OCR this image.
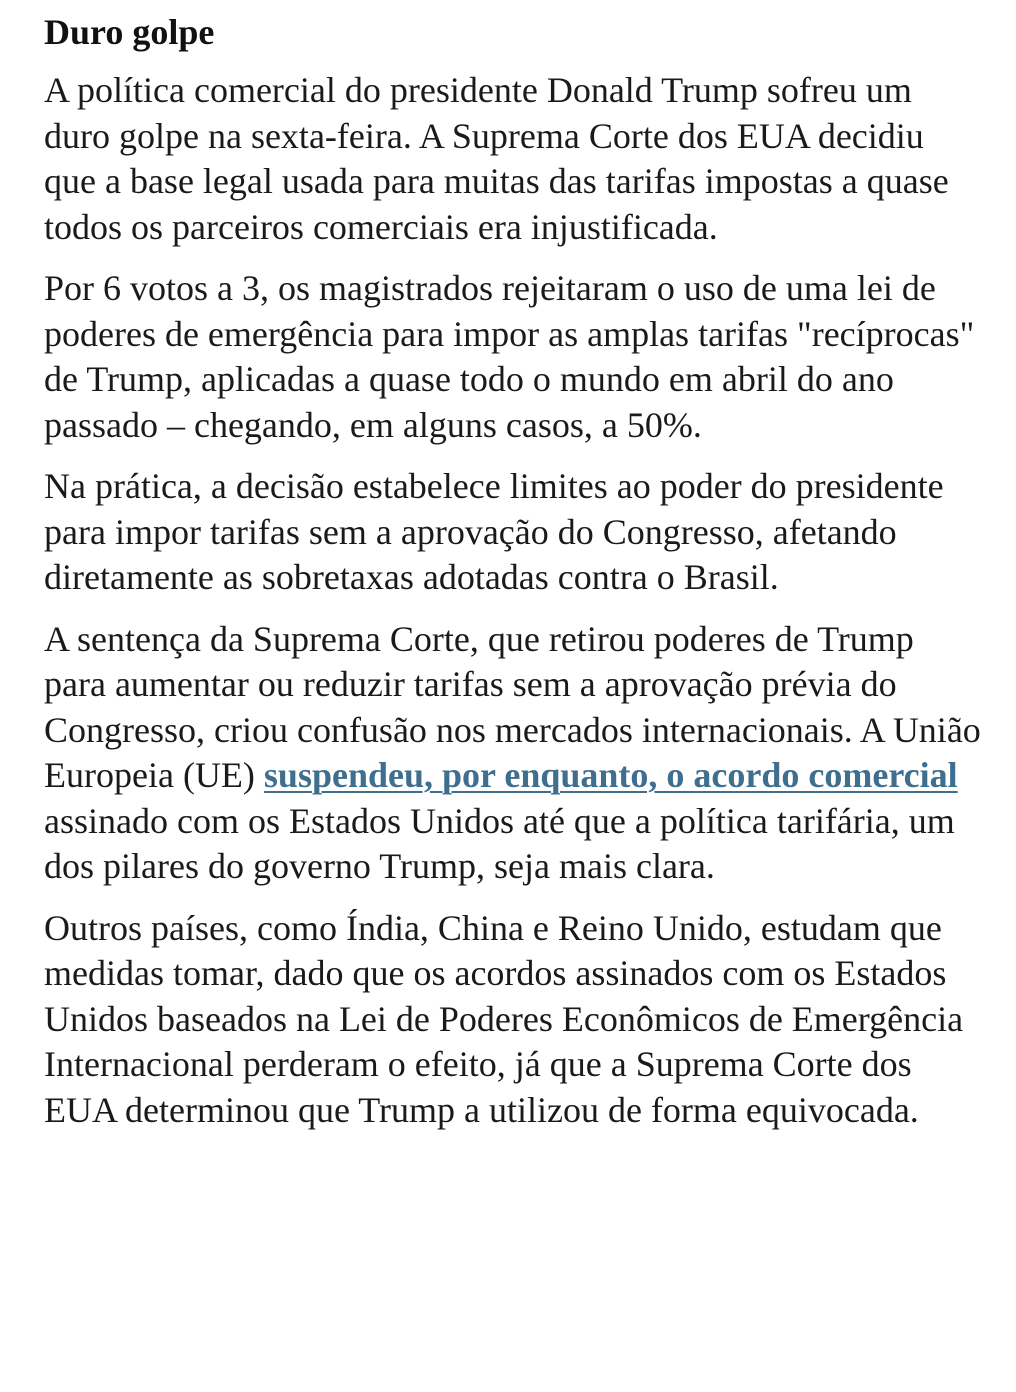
Duro golpe

A política comercial do presidente Donald Trump sofreu um duro golpe na sexta-feira. A Suprema Corte dos EUA decidiu que a base legal usada para muitas das tarifas impostas a quase todos os parceiros comerciais era injustificada.

Por 6 votos a 3, os magistrados rejeitaram o uso de uma lei de poderes de emergência para impor as amplas tarifas "recíprocas" de Trump, aplicadas a quase todo o mundo em abril do ano passado – chegando, em alguns casos, a 50%.

Na prática, a decisão estabelece limites ao poder do presidente para impor tarifas sem a aprovação do Congresso, afetando diretamente as sobretaxas adotadas contra o Brasil.

A sentença da Suprema Corte, que retirou poderes de Trump para aumentar ou reduzir tarifas sem a aprovação prévia do Congresso, criou confusão nos mercados internacionais. A União Europeia (UE) suspendeu, por enquanto, o acordo comercial assinado com os Estados Unidos até que a política tarifária, um dos pilares do governo Trump, seja mais clara.

Outros países, como Índia, China e Reino Unido, estudam que medidas tomar, dado que os acordos assinados com os Estados Unidos baseados na Lei de Poderes Econômicos de Emergência Internacional perderam o efeito, já que a Suprema Corte dos EUA determinou que Trump a utilizou de forma equivocada.
